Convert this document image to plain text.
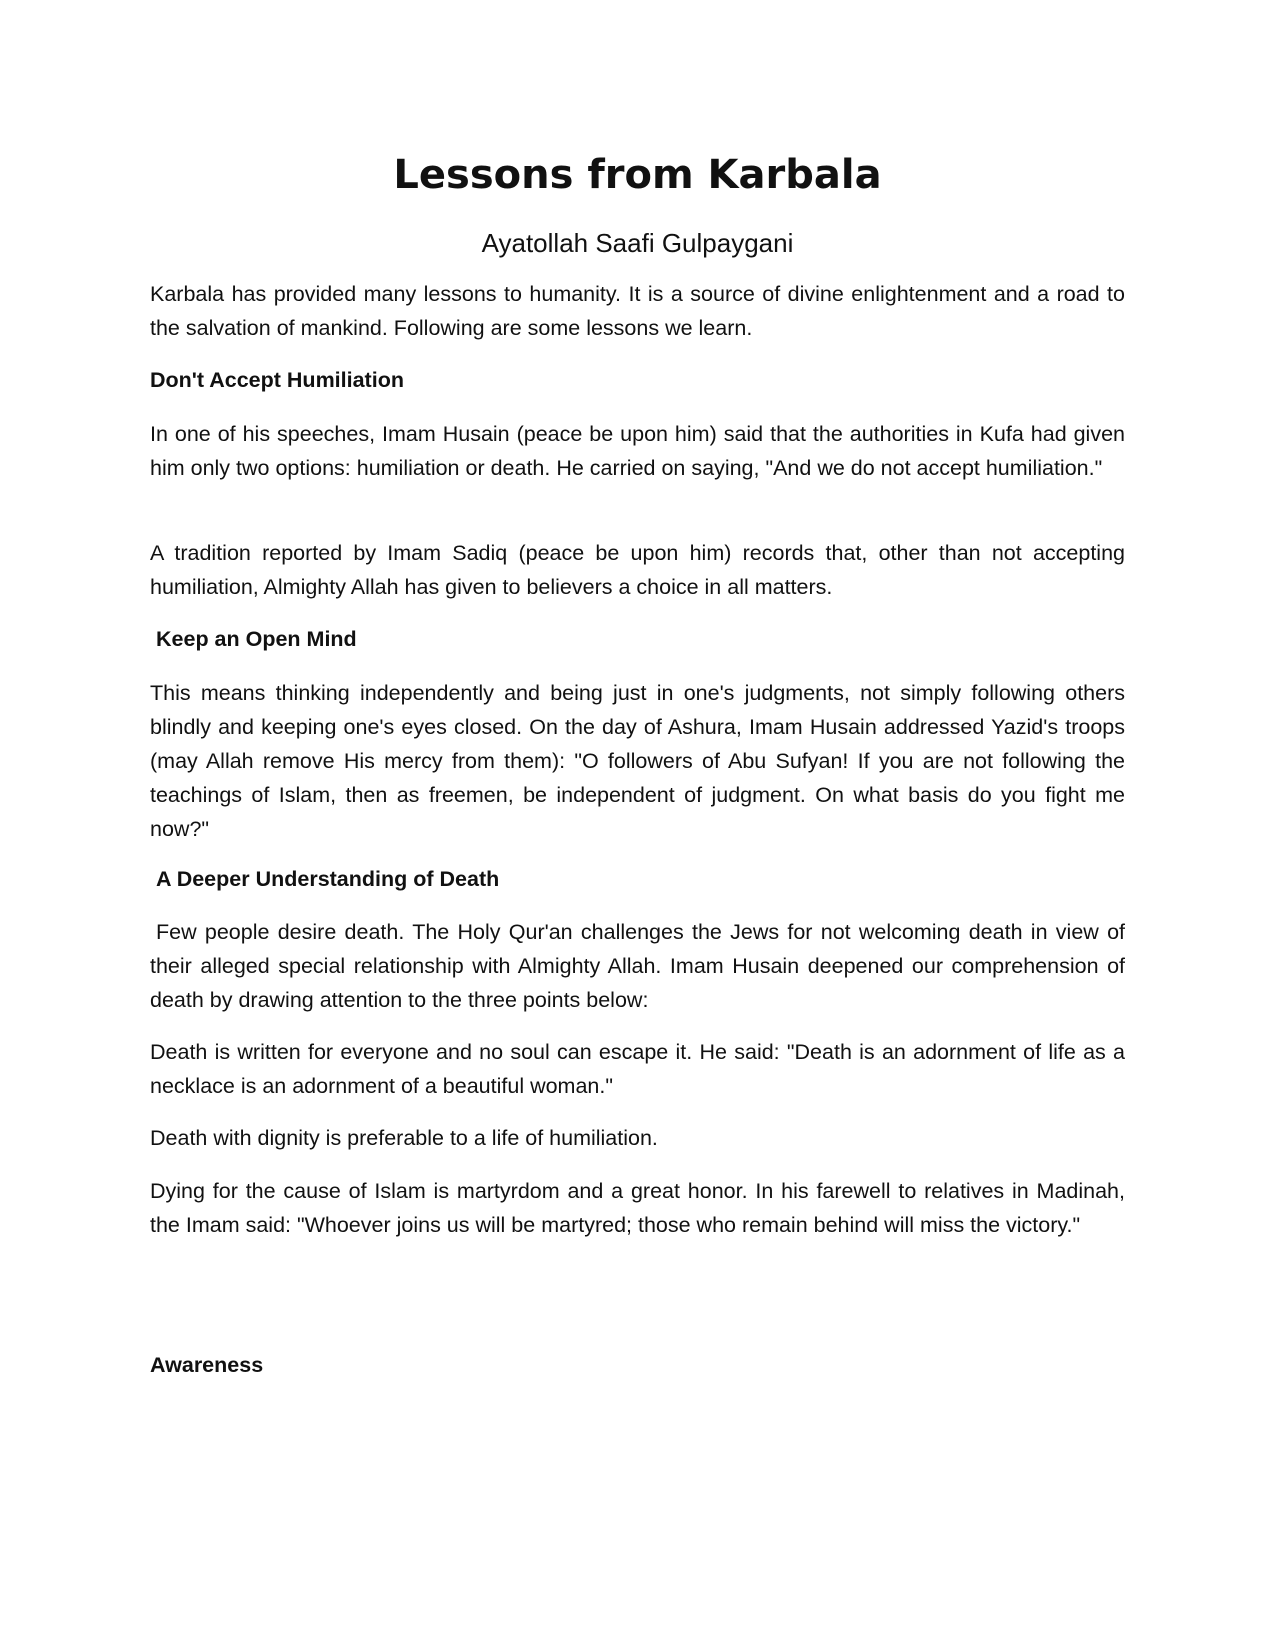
Lessons from Karbala

Ayatollah Saafi Gulpaygani

Karbala has provided many lessons to humanity. It is a source of divine enlightenment and a road to the salvation of mankind. Following are some lessons we learn.

Don't Accept Humiliation

In one of his speeches, Imam Husain (peace be upon him) said that the authorities in Kufa had given him only two options: humiliation or death. He carried on saying, "And we do not accept humiliation."

A tradition reported by Imam Sadiq (peace be upon him) records that, other than not accepting humiliation, Almighty Allah has given to believers a choice in all matters.

Keep an Open Mind

This means thinking independently and being just in one's judgments, not simply following others blindly and keeping one's eyes closed. On the day of Ashura, Imam Husain addressed Yazid's troops (may Allah remove His mercy from them): "O followers of Abu Sufyan! If you are not following the teachings of Islam, then as freemen, be independent of judgment. On what basis do you fight me now?"

A Deeper Understanding of Death

Few people desire death. The Holy Qur'an challenges the Jews for not welcoming death in view of their alleged special relationship with Almighty Allah. Imam Husain deepened our comprehension of death by drawing attention to the three points below:

Death is written for everyone and no soul can escape it. He said: "Death is an adornment of life as a necklace is an adornment of a beautiful woman."

Death with dignity is preferable to a life of humiliation.

Dying for the cause of Islam is martyrdom and a great honor. In his farewell to relatives in Madinah, the Imam said: "Whoever joins us will be martyred; those who remain behind will miss the victory."

Awareness
